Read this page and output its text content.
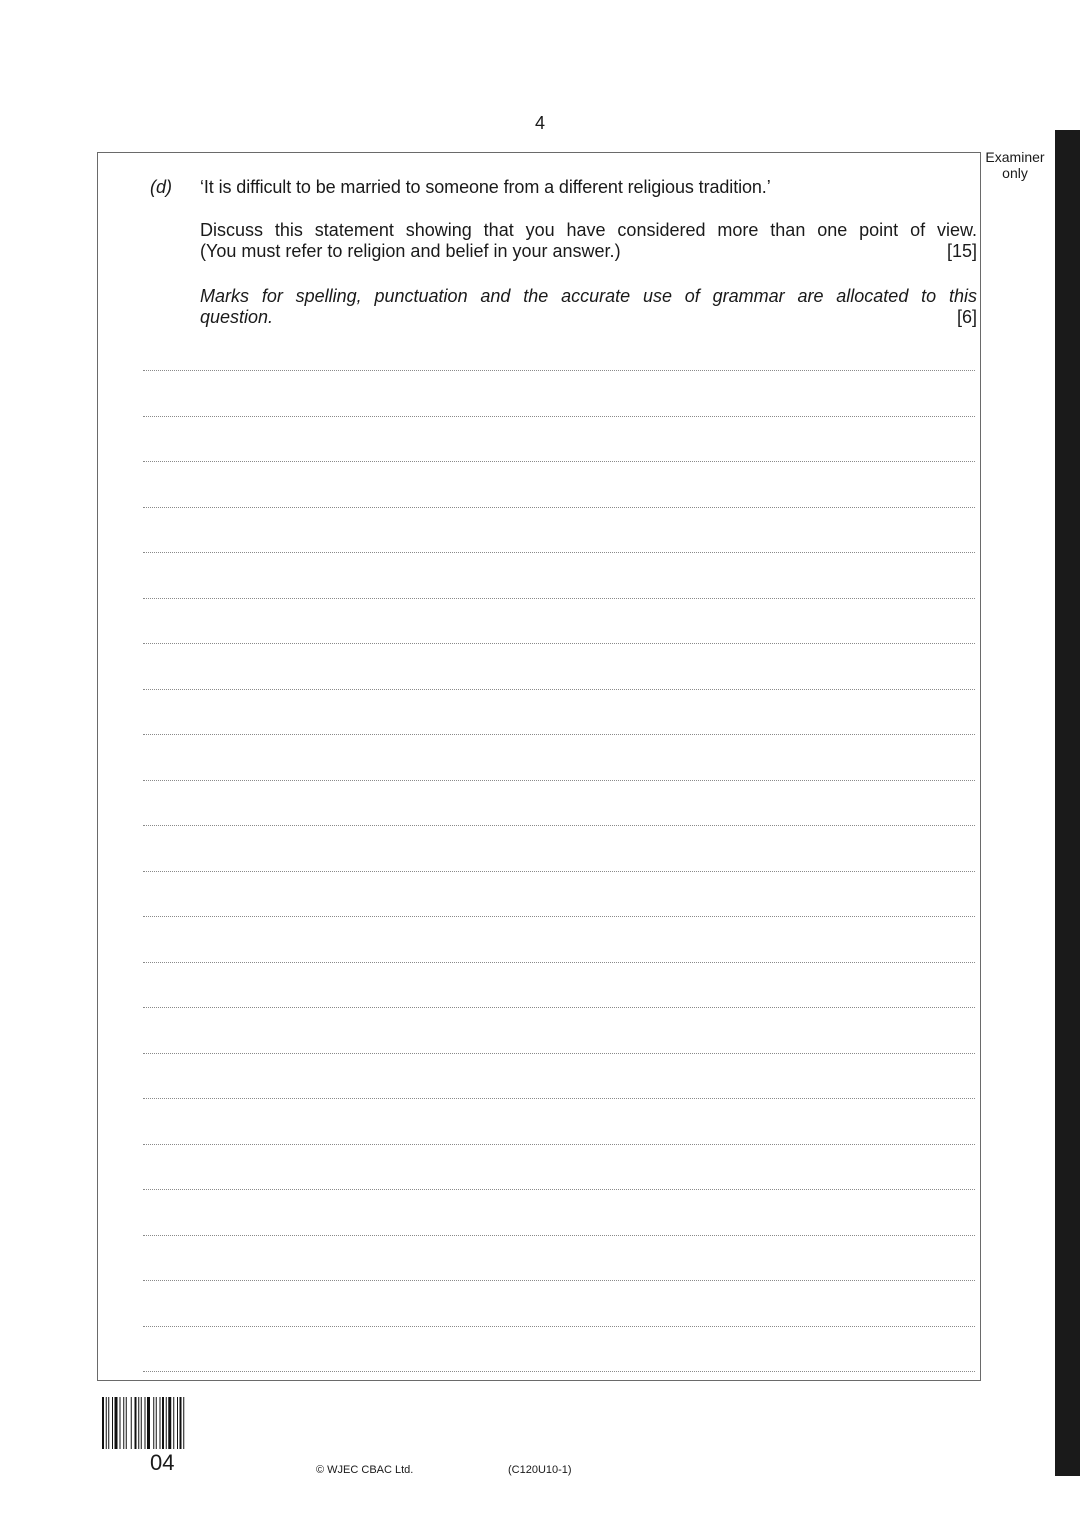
4
Examiner
only
(d) ‘It is difficult to be married to someone from a different religious tradition.’
Discuss this statement showing that you have considered more than one point of view.
(You must refer to religion and belief in your answer.)	[15]
Marks for spelling, punctuation and the accurate use of grammar are allocated to this
question.	[6]
04	© WJEC CBAC Ltd.	(C120U10-1)
